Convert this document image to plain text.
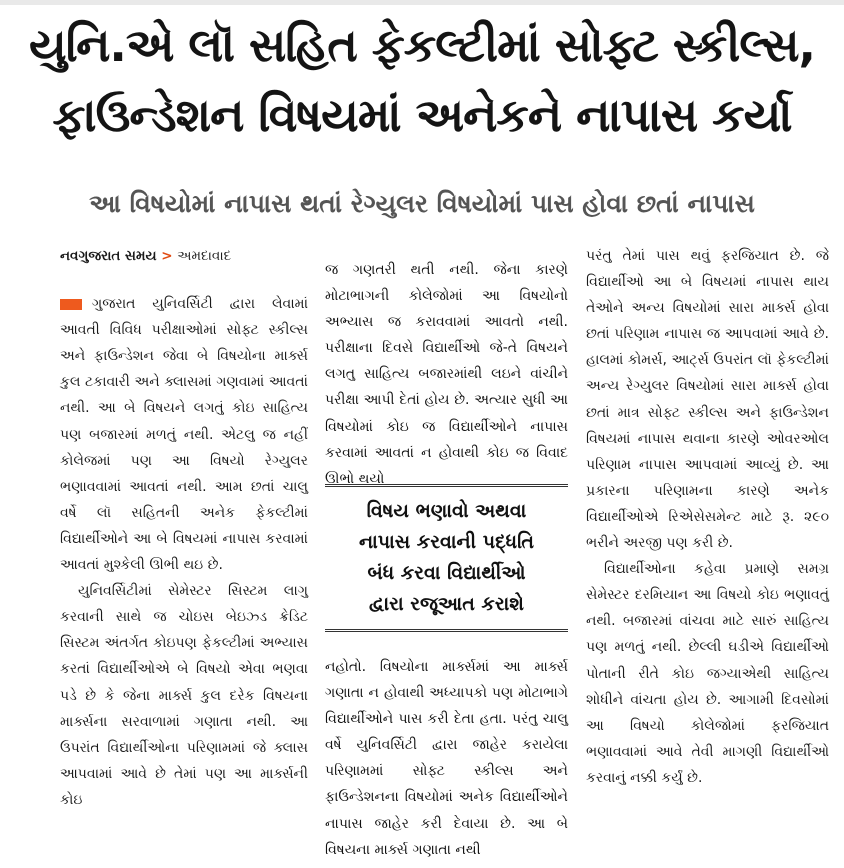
યુનિ.એ લૉ સહિત ફેકલ્ટીમાં સોફ્ટ સ્કીલ્સ,
ફાઉન્ડેશન વિષયમાં અનેકને નાપાસ કર્યા
આ વિષયોમાં નાપાસ થતાં રેગ્યુલર વિષયોમાં પાસ હોવા છતાં નાપાસ
નવગુજરાત સમય > અમદાવાદ

ગુજરાત યુનિવર્સિટી દ્વારા લેવામાં આવતી વિવિધ પરીક્ષાઓમાં સોફ્ટ સ્કીલ્સ અને ફાઉન્ડેશન જેવા બે વિષયોના માર્ક્સ કુલ ટકાવારી અને ક્લાસમાં ગણવામાં આવતાં નથી. આ બે વિષયને લગતું કોઇ સાહિત્ય પણ બજારમાં મળતું નથી. એટલુ જ નહીં કોલેજમાં પણ આ વિષયો રેગ્યુલર ભણાવવામાં આવતાં નથી. આમ છતાં ચાલુ વર્ષે લૉ સહિતની અનેક ફેકલ્ટીમાં વિદ્યાર્થીઓને આ બે વિષયમાં નાપાસ કરવામાં આવતાં મુશ્કેલી ઊભી થઇ છે.

યુનિવર્સિટીમાં સેમેસ્ટર સિસ્ટમ લાગુ કરવાની સાથે જ ચોઇસ બેઇઝ્ડ ક્રેડિટ સિસ્ટમ અંતર્ગત કોઇપણ ફેકલ્ટીમાં અભ્યાસ કરતાં વિદ્યાર્થીઓએ બે વિષયો એવા ભણવા પડે છે કે જેના માર્ક્સ કુલ દરેક વિષયના માર્ક્સના સરવાળામાં ગણાતા નથી. આ ઉપરાંત વિદ્યાર્થીઓના પરિણામમાં જે ક્લાસ આપવામાં આવે છે તેમાં પણ આ માર્ક્સની કોઇ

જ ગણતરી થતી નથી. જેના કારણે મોટાભાગની કોલેજોમાં આ વિષયોનો અભ્યાસ જ કરાવવામાં આવતો નથી. પરીક્ષાના દિવસે વિદ્યાર્થીઓ જે-તે વિષયને લગતુ સાહિત્ય બજારમાંથી લઇને વાંચીને પરીક્ષા આપી દેતાં હોય છે. અત્યાર સુધી આ વિષયોમાં કોઇ જ વિદ્યાર્થીઓને નાપાસ કરવામાં આવતાં ન હોવાથી કોઇ જ વિવાદ ઊભો થયો

વિષય ભણાવો અથવા
નાપાસ કરવાની પદ્ધતિ
બંધ કરવા વિદ્યાર્થીઓ
દ્વારા રજૂઆત કરાશે

નહોતો. વિષયોના માર્ક્સમાં આ માર્ક્સ ગણાતા ન હોવાથી અધ્યાપકો પણ મોટાભાગે વિદ્યાર્થીઓને પાસ કરી દેતા હતા. પરંતુ ચાલુ વર્ષે યુનિવર્સિટી દ્વારા જાહેર કરાયેલા પરિણામમાં સોફ્ટ સ્કીલ્સ અને ફાઉન્ડેશનના વિષયોમાં અનેક વિદ્યાર્થીઓને નાપાસ જાહેર કરી દેવાયા છે. આ બે વિષયના માર્ક્સ ગણાતા નથી

પરંતુ તેમાં પાસ થવું ફરજિયાત છે. જે વિદ્યાર્થીઓ આ બે વિષયમાં નાપાસ થાય તેઓને અન્ય વિષયોમાં સારા માર્ક્સ હોવા છતાં પરિણામ નાપાસ જ આપવામાં આવે છે. હાલમાં કોમર્સ, આર્ટ્સ ઉપરાંત લૉ ફેકલ્ટીમાં અન્ય રેગ્યુલર વિષયોમાં સારા માર્ક્સ હોવા છતાં માત્ર સોફ્ટ સ્કીલ્સ અને ફાઉન્ડેશન વિષયમાં નાપાસ થવાના કારણે ઓવરઓલ પરિણામ નાપાસ આપવામાં આવ્યું છે. આ પ્રકારના પરિણામના કારણે અનેક વિદ્યાર્થીઓએ રિએસેસમેન્ટ માટે રૂ. ૨૯૦ ભરીને અરજી પણ કરી છે.

વિદ્યાર્થીઓના કહેવા પ્રમાણે સમગ્ર સેમેસ્ટર દરમિયાન આ વિષયો કોઇ ભણાવતું નથી. બજારમાં વાંચવા માટે સારું સાહિત્ય પણ મળતું નથી. છેલ્લી ઘડીએ વિદ્યાર્થીઓ પોતાની રીતે કોઇ જગ્યાએથી સાહિત્ય શોધીને વાંચતા હોય છે. આગામી દિવસોમાં આ વિષયો કોલેજોમાં ફરજિયાત ભણાવવામાં આવે તેવી માગણી વિદ્યાર્થીઓ કરવાનું નક્કી કર્યું છે.
